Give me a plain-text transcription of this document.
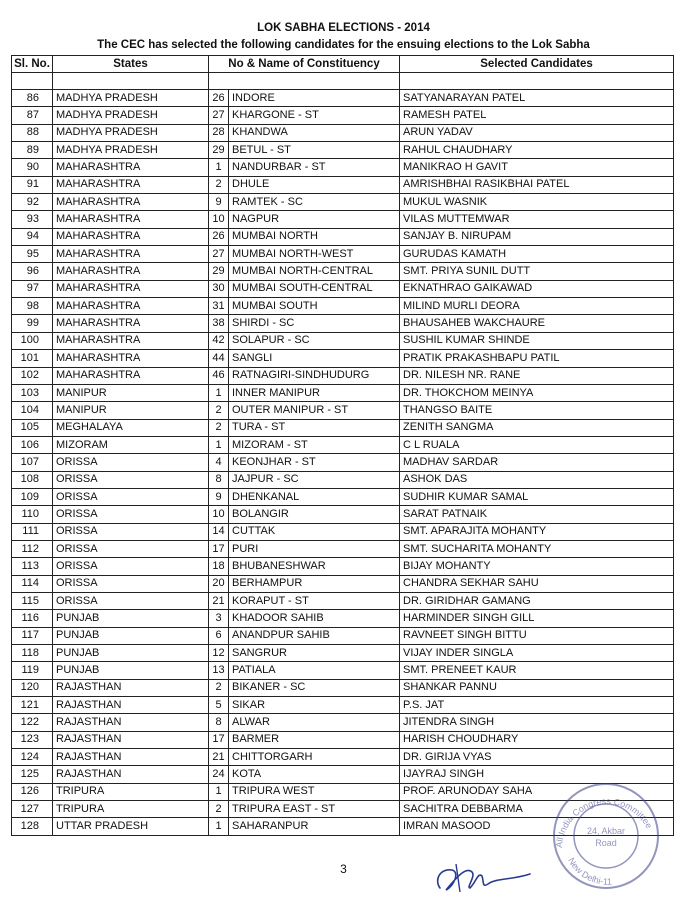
LOK SABHA ELECTIONS - 2014
The CEC has selected the following candidates for the ensuing elections to the Lok Sabha
Sl. No.	States	No & Name of Constituency		Selected Candidates

86	MADHYA PRADESH	26	INDORE	SATYANARAYAN PATEL
87	MADHYA PRADESH	27	KHARGONE - ST	RAMESH PATEL
88	MADHYA PRADESH	28	KHANDWA	ARUN YADAV
89	MADHYA PRADESH	29	BETUL - ST	RAHUL CHAUDHARY
90	MAHARASHTRA	1	NANDURBAR - ST	MANIKRAO H GAVIT
91	MAHARASHTRA	2	DHULE	AMRISHBHAI RASIKBHAI PATEL
92	MAHARASHTRA	9	RAMTEK - SC	MUKUL WASNIK
93	MAHARASHTRA	10	NAGPUR	VILAS MUTTEMWAR
94	MAHARASHTRA	26	MUMBAI NORTH	SANJAY B. NIRUPAM
95	MAHARASHTRA	27	MUMBAI NORTH-WEST	GURUDAS KAMATH
96	MAHARASHTRA	29	MUMBAI NORTH-CENTRAL	SMT. PRIYA SUNIL DUTT
97	MAHARASHTRA	30	MUMBAI SOUTH-CENTRAL	EKNATHRAO GAIKAWAD
98	MAHARASHTRA	31	MUMBAI SOUTH	MILIND MURLI DEORA
99	MAHARASHTRA	38	SHIRDI - SC	BHAUSAHEB WAKCHAURE
100	MAHARASHTRA	42	SOLAPUR - SC	SUSHIL KUMAR SHINDE
101	MAHARASHTRA	44	SANGLI	PRATIK PRAKASHBAPU PATIL
102	MAHARASHTRA	46	RATNAGIRI-SINDHUDURG	DR. NILESH NR. RANE
103	MANIPUR	1	INNER MANIPUR	DR. THOKCHOM MEINYA
104	MANIPUR	2	OUTER MANIPUR - ST	THANGSO BAITE
105	MEGHALAYA	2	TURA - ST	ZENITH SANGMA
106	MIZORAM	1	MIZORAM - ST	C L RUALA
107	ORISSA	4	KEONJHAR - ST	MADHAV SARDAR
108	ORISSA	8	JAJPUR - SC	ASHOK DAS
109	ORISSA	9	DHENKANAL	SUDHIR KUMAR SAMAL
110	ORISSA	10	BOLANGIR	SARAT PATNAIK
111	ORISSA	14	CUTTAK	SMT. APARAJITA MOHANTY
112	ORISSA	17	PURI	SMT. SUCHARITA MOHANTY
113	ORISSA	18	BHUBANESHWAR	BIJAY MOHANTY
114	ORISSA	20	BERHAMPUR	CHANDRA SEKHAR SAHU
115	ORISSA	21	KORAPUT - ST	DR. GIRIDHAR GAMANG
116	PUNJAB	3	KHADOOR SAHIB	HARMINDER SINGH GILL
117	PUNJAB	6	ANANDPUR SAHIB	RAVNEET SINGH BITTU
118	PUNJAB	12	SANGRUR	VIJAY INDER SINGLA
119	PUNJAB	13	PATIALA	SMT. PRENEET KAUR
120	RAJASTHAN	2	BIKANER - SC	SHANKAR PANNU
121	RAJASTHAN	5	SIKAR	P.S. JAT
122	RAJASTHAN	8	ALWAR	JITENDRA SINGH
123	RAJASTHAN	17	BARMER	HARISH CHOUDHARY
124	RAJASTHAN	21	CHITTORGARH	DR. GIRIJA VYAS
125	RAJASTHAN	24	KOTA	IJAYRAJ SINGH
126	TRIPURA	1	TRIPURA WEST	PROF. ARUNODAY SAHA
127	TRIPURA	2	TRIPURA EAST - ST	SACHITRA DEBBARMA
128	UTTAR PRADESH	1	SAHARANPUR	IMRAN MASOOD
3
All India Congress Committee
New Delhi-11
24, Akbar
Road
